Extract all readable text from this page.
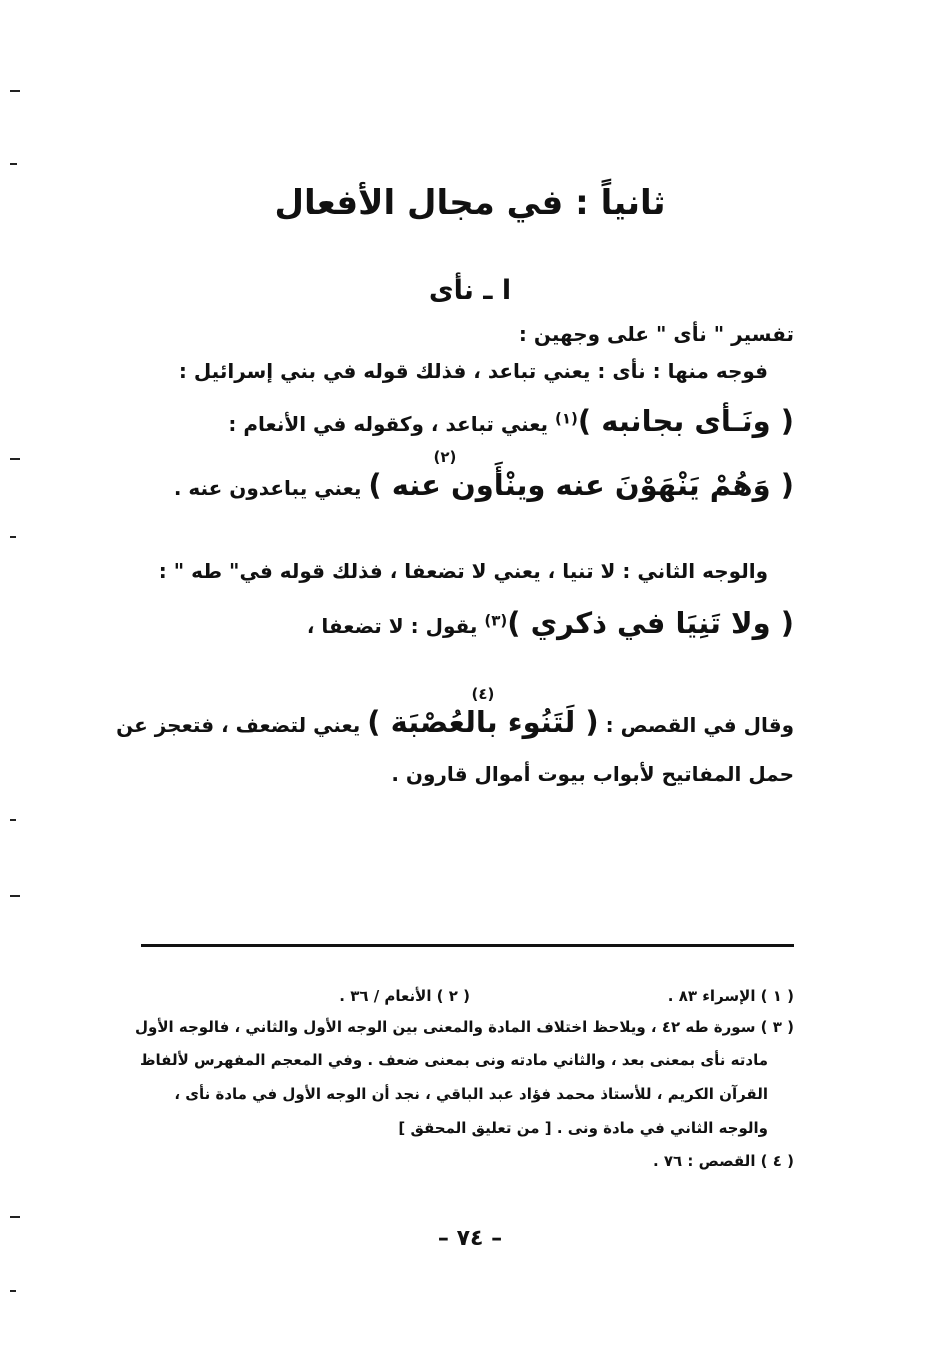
ثانياً : في مجال الأفعال
ا ـ نأى
تفسير " نأى " على وجهين :
فوجه منها : نأى : يعني تباعد ، فذلك قوله في بني إسرائيل :
( ونَـأى بجانبه )$^{(١)}$ يعني تباعد ، وكقوله في الأنعام :
( وَهُمْ يَنْهَوْنَ عنه وينْأَون عنه )
(٢)
يعني يباعدون عنه .
والوجه الثاني : لا تنيا ، يعني لا تضعفا ، فذلك قوله في" طه " :
( ولا تَنِيَا في ذكري )$^{(٣)}$ يقول : لا تضعفا ،
وقال في القصص : ( لَتَنُوء بالعُصْبَة )
(٤)
يعني لتضعف ، فتعجز عن
حمل المفاتيح لأبواب بيوت أموال قارون .
( ١ ) الإسراء ٨٣ .
( ٢ ) الأنعام / ٣٦ .
( ٣ ) سورة طه ٤٢ ، ويلاحظ اختلاف المادة والمعنى بين الوجه الأول والثاني ، فالوجه الأول
مادته نأى بمعنى بعد ، والثاني مادته ونى بمعنى ضعف . وفي المعجم المفهرس لألفاظ
القرآن الكريم ، للأستاذ محمد فؤاد عبد الباقي ، نجد أن الوجه الأول في مادة نأى ،
والوجه الثاني في مادة ونى . [ من تعليق المحقق ]
( ٤ ) القصص : ٧٦ .
– ٧٤ –
